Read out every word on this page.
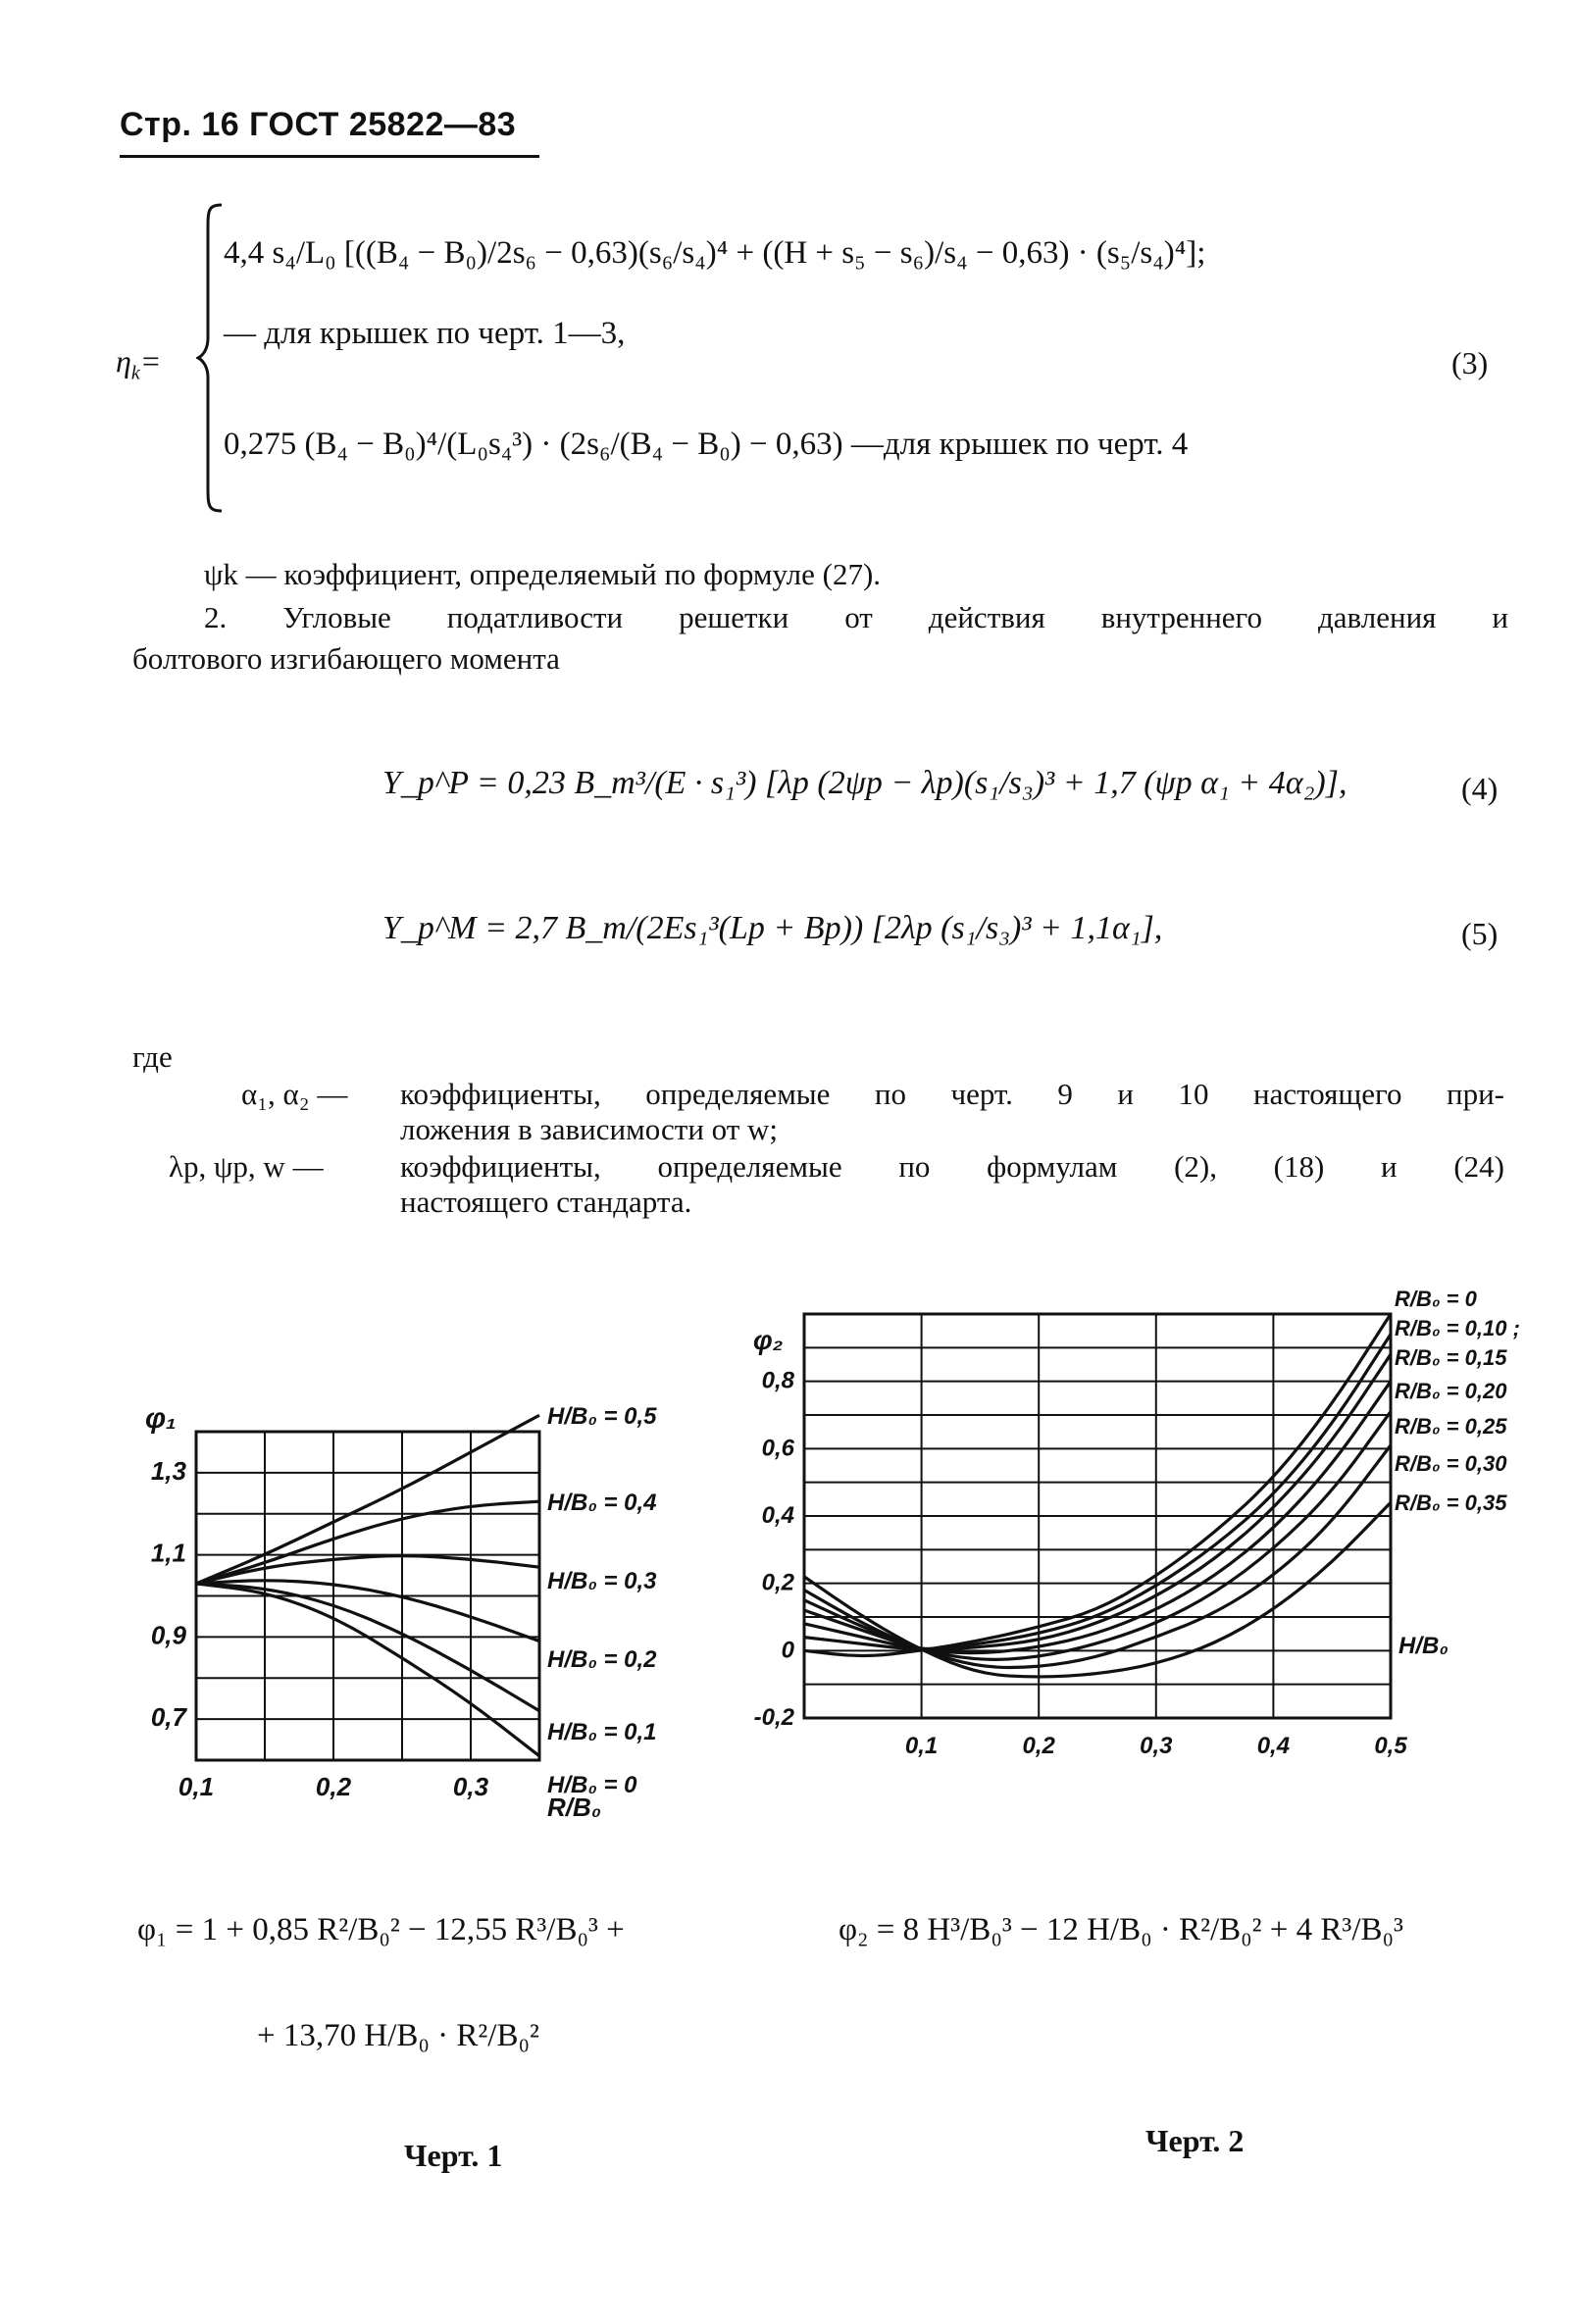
Стр. 16 ГОСТ 25822—83
$\eta_k=$
4,4 s₄/L₀ [((B₄ − B₀)/2s₆ − 0,63)(s₆/s₄)⁴ + ((H + s₅ − s₆)/s₄ − 0,63) · (s₅/s₄)⁴];
— для крышек по черт. 1—3,
0,275 (B₄ − B₀)⁴/(L₀s₄³) · (2s₆/(B₄ − B₀) − 0,63) —для крышек по черт. 4
(3)
ψk — коэффициент, определяемый по формуле (27).
2. Угловые податливости решетки от действия внутреннего давления и
болтового изгибающего момента
Y_p^P = 0,23 B_т³/(E · s₁³) [λp (2ψp − λp)(s₁/s₃)³ + 1,7 (ψp α₁ + 4α₂)],	(4)
Y_p^M = 2,7 B_т/(2Es₁³(Lp + Bp)) [2λp (s₁/s₃)³ + 1,1α₁],	(5)
где
α₁, α₂ — коэффициенты, определяемые по черт. 9 и 10 настоящего при-
ложения в зависимости от w;
λp, ψp, w —	коэффициенты, определяемые по формулам (2), (18) и (24)
настоящего стандарта.
1,3
1,1
0,9
0,7
0,1	0,2	0,3
φ₁
R/B₀
H/B₀ = 0,5
H/B₀ = 0,4
H/B₀ = 0,3
H/B₀ = 0,2
H/B₀ = 0,1
H/B₀ = 0
0,8
0,6
0,4
0,2
0
-0,2
0,1	0,2	0,3	0,4	0,5
φ₂
H/B₀
R/B₀ = 0
R/B₀ = 0,10 ;
R/B₀ = 0,15
R/B₀ = 0,20
R/B₀ = 0,25
R/B₀ = 0,30
R/B₀ = 0,35
φ₁ = 1 + 0,85 R²/B₀² − 12,55 R³/B₀³ +
+ 13,70 H/B₀ · R²/B₀²
φ₂ = 8 H³/B₀³ − 12 H/B₀ · R²/B₀² + 4 R³/B₀³
Черт. 1	Черт. 2
